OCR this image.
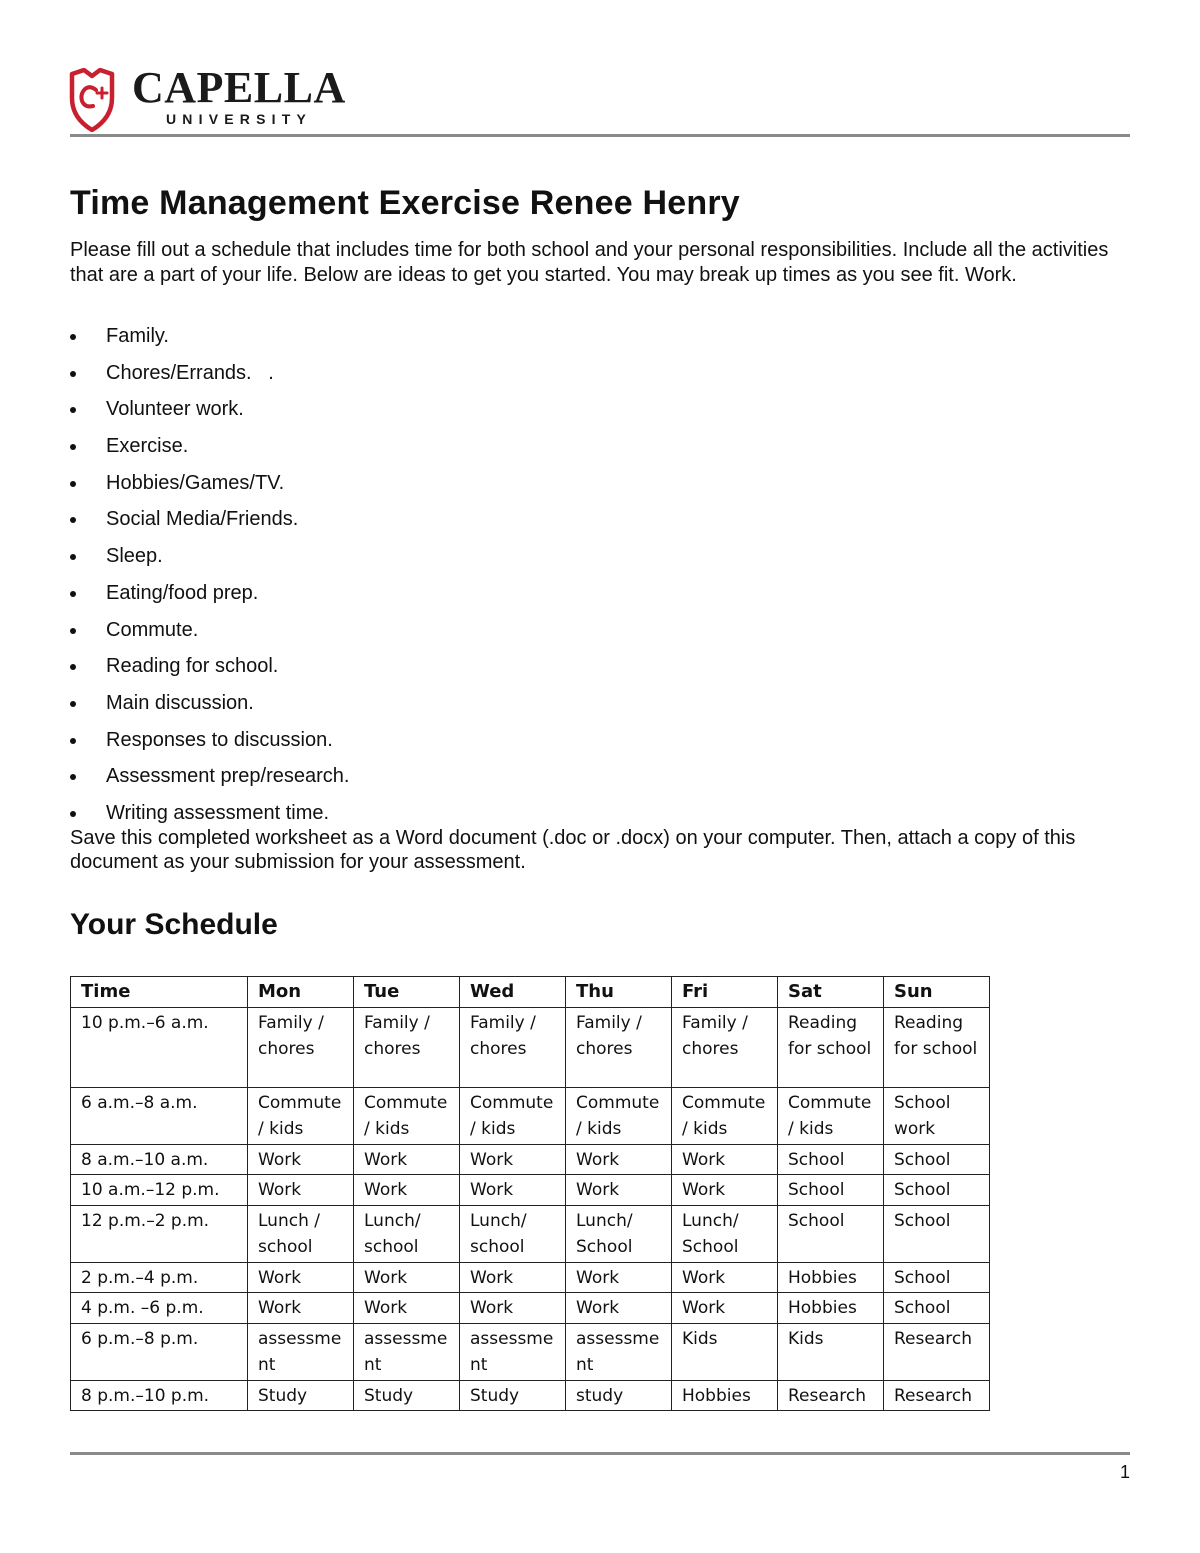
CAPELLA
UNIVERSITY
Time Management Exercise Renee Henry

Please fill out a schedule that includes time for both school and your personal responsibilities. Include all the activities that are a part of your life. Below are ideas to get you started. You may break up times as you see fit. Work.

Family.
Chores/Errands.   .
Volunteer work.
Exercise.
Hobbies/Games/TV.
Social Media/Friends.
Sleep.
Eating/food prep.
Commute.
Reading for school.
Main discussion.
Responses to discussion.
Assessment prep/research.
Writing assessment time.

Save this completed worksheet as a Word document (.doc or .docx) on your computer. Then, attach a copy of this document as your submission for your assessment.

Your Schedule
Time	Mon	Tue	Wed	Thu	Fri	Sat	Sun
10 p.m.–6 a.m.	Family / chores	Family / chores	Family / chores	Family / chores	Family / chores	Reading for school	Reading for school
6 a.m.–8 a.m.	Commute / kids	Commute / kids	Commute / kids	Commute / kids	Commute / kids	Commute / kids	School work
8 a.m.–10 a.m.	Work	Work	Work	Work	Work	School	School
10 a.m.–12 p.m.	Work	Work	Work	Work	Work	School	School
12 p.m.–2 p.m.	Lunch / school	Lunch/ school	Lunch/ school	Lunch/ School	Lunch/ School	School	School
2 p.m.–4 p.m.	Work	Work	Work	Work	Work	Hobbies	School
4 p.m. –6 p.m.	Work	Work	Work	Work	Work	Hobbies	School
6 p.m.–8 p.m.	assessment	assessment	assessment	assessment	Kids	Kids	Research
8 p.m.–10 p.m.	Study	Study	Study	study	Hobbies	Research	Research
1
